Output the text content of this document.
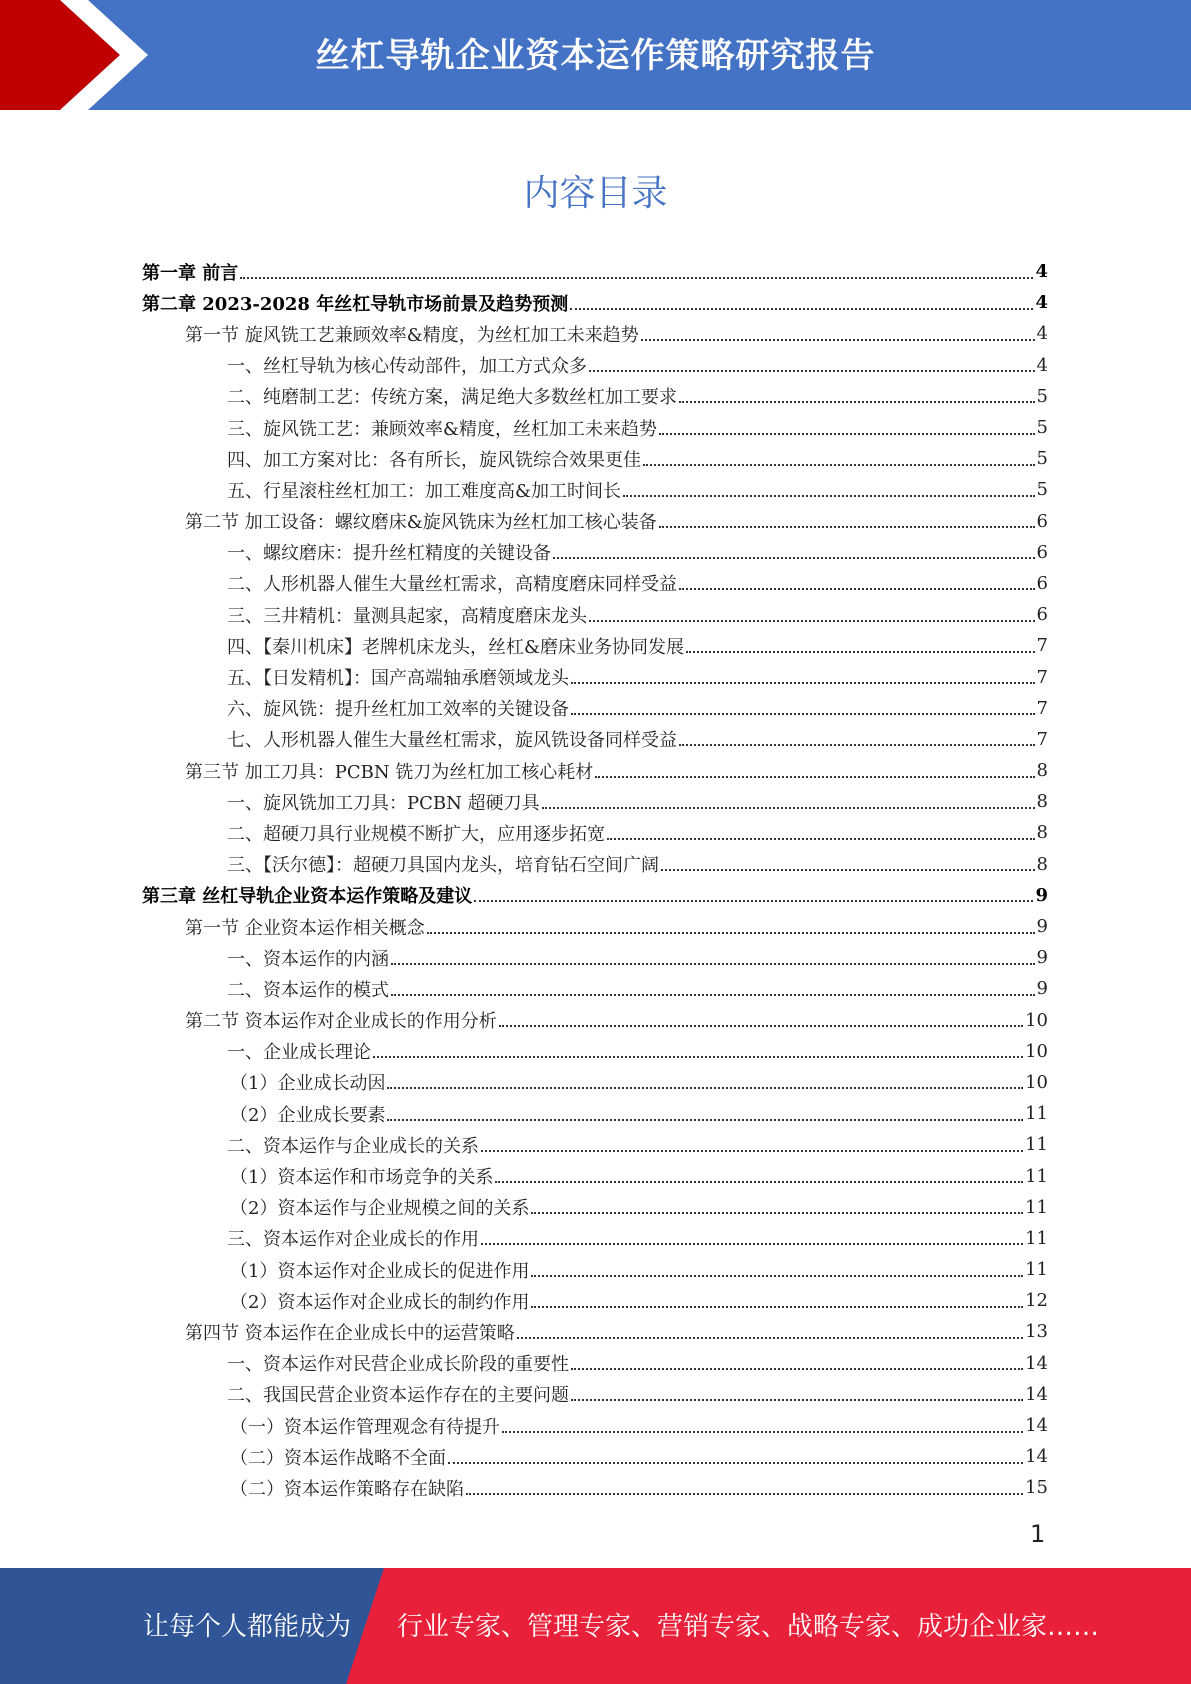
丝杠导轨企业资本运作策略研究报告
内容目录
第一章 前言	4
第二章 2023-2028 年丝杠导轨市场前景及趋势预测	4
第一节 旋风铣工艺兼顾效率&精度，为丝杠加工未来趋势	4
一、丝杠导轨为核心传动部件，加工方式众多	4
二、纯磨制工艺：传统方案，满足绝大多数丝杠加工要求	5
三、旋风铣工艺：兼顾效率&精度，丝杠加工未来趋势	5
四、加工方案对比：各有所长，旋风铣综合效果更佳	5
五、行星滚柱丝杠加工：加工难度高&加工时间长	5
第二节 加工设备：螺纹磨床&旋风铣床为丝杠加工核心装备	6
一、螺纹磨床：提升丝杠精度的关键设备	6
二、人形机器人催生大量丝杠需求，高精度磨床同样受益	6
三、三井精机：量测具起家，高精度磨床龙头	6
四、【秦川机床】老牌机床龙头，丝杠&磨床业务协同发展	7
五、【日发精机】：国产高端轴承磨领域龙头	7
六、旋风铣：提升丝杠加工效率的关键设备	7
七、人形机器人催生大量丝杠需求，旋风铣设备同样受益	7
第三节 加工刀具：PCBN 铣刀为丝杠加工核心耗材	8
一、旋风铣加工刀具：PCBN 超硬刀具	8
二、超硬刀具行业规模不断扩大，应用逐步拓宽	8
三、【沃尔德】：超硬刀具国内龙头，培育钻石空间广阔	8
第三章 丝杠导轨企业资本运作策略及建议	9
第一节 企业资本运作相关概念	9
一、资本运作的内涵	9
二、资本运作的模式	9
第二节 资本运作对企业成长的作用分析	10
一、企业成长理论	10
（1）企业成长动因	10
（2）企业成长要素	11
二、资本运作与企业成长的关系	11
（1）资本运作和市场竞争的关系	11
（2）资本运作与企业规模之间的关系	11
三、资本运作对企业成长的作用	11
（1）资本运作对企业成长的促进作用	11
（2）资本运作对企业成长的制约作用	12
第四节 资本运作在企业成长中的运营策略	13
一、资本运作对民营企业成长阶段的重要性	14
二、我国民营企业资本运作存在的主要问题	14
（一）资本运作管理观念有待提升	14
（二）资本运作战略不全面	14
（二）资本运作策略存在缺陷	15
1
让每个人都能成为 行业专家、管理专家、营销专家、战略专家、成功企业家……
